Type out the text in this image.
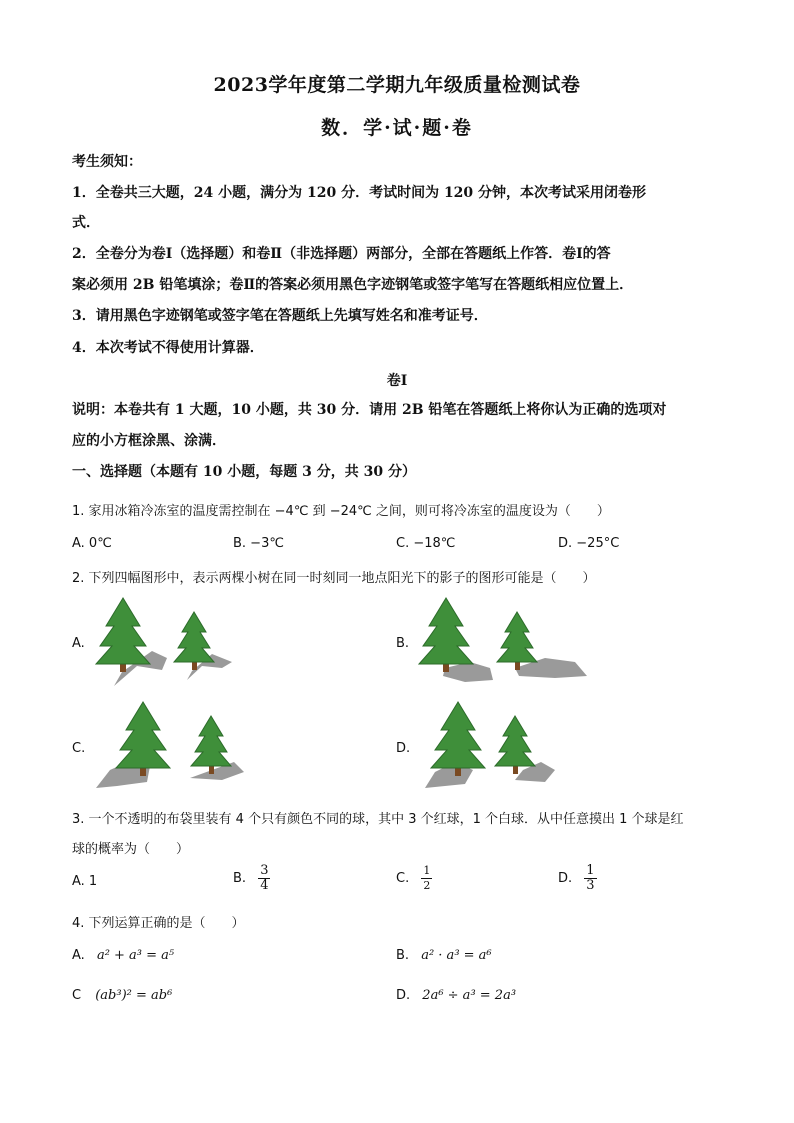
2023学年度第二学期九年级质量检测试卷
数．学·试·题·卷
考生须知：
1．全卷共三大题，24 小题，满分为 120 分．考试时间为 120 分钟，本次考试采用闭卷形
式．
2．全卷分为卷Ⅰ（选择题）和卷Ⅱ（非选择题）两部分，全部在答题纸上作答．卷Ⅰ的答
案必须用 2B 铅笔填涂；卷Ⅱ的答案必须用黑色字迹钢笔或签字笔写在答题纸相应位置上．
3．请用黑色字迹钢笔或签字笔在答题纸上先填写姓名和准考证号．
4．本次考试不得使用计算器．
卷Ⅰ
说明：本卷共有 1 大题，10 小题，共 30 分．请用 2B 铅笔在答题纸上将你认为正确的选项对
应的小方框涂黑、涂满．
一、选择题（本题有 10 小题，每题 3 分，共 30 分）
1. 家用冰箱冷冻室的温度需控制在 −4℃ 到 −24℃ 之间，则可将冷冻室的温度设为（　　）
A. 0℃	B. −3℃	C. −18℃	D. −25°C
2. 下列四幅图形中，表示两棵小树在同一时刻同一地点阳光下的影子的图形可能是（　　）
A.	B.
C.	D.
3. 一个不透明的布袋里装有 4 个只有颜色不同的球，其中 3 个红球，1 个白球．从中任意摸出 1 个球是红
球的概率为（　　）
A. 1	B. $\frac{3}{4}$	C. $\frac{1}{2}$	D. $\frac{1}{3}$
4. 下列运算正确的是（　　）
A. a² + a³ = a⁵	B. a² · a³ = a⁶
C (ab³)² = ab⁶	D. 2a⁶ ÷ a³ = 2a³
